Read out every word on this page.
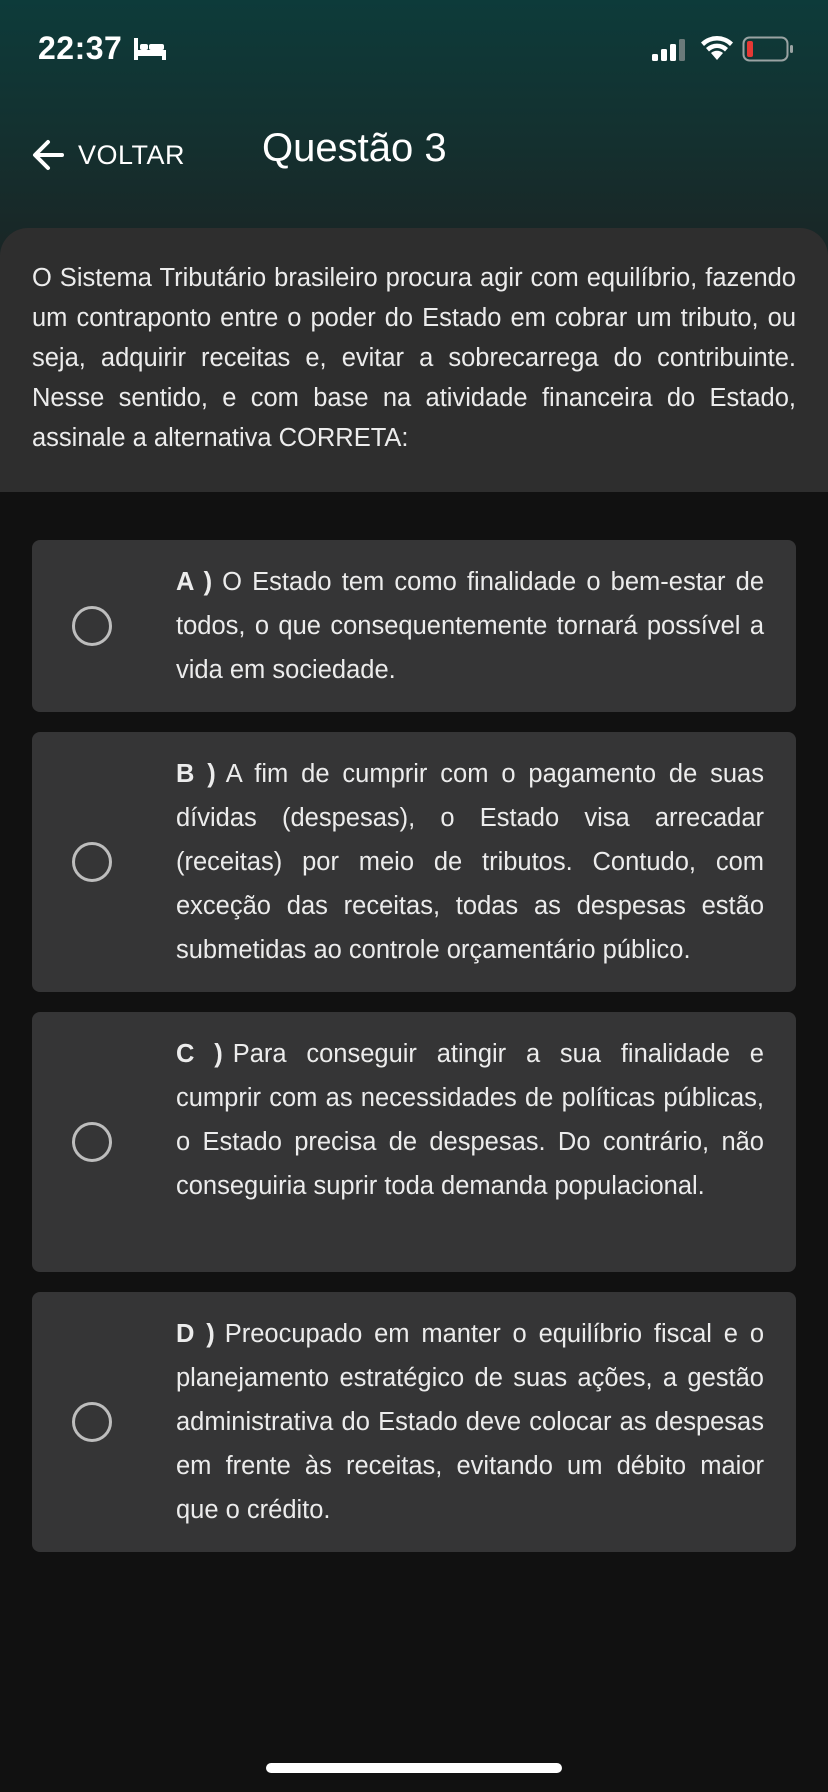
22:37
VOLTAR Questão 3

O Sistema Tributário brasileiro procura agir com equilíbrio, fazendo um contraponto entre o poder do Estado em cobrar um tributo, ou seja, adquirir receitas e, evitar a sobrecarrega do contribuinte. Nesse sentido, e com base na atividade financeira do Estado, assinale a alternativa CORRETA:

A ) O Estado tem como finalidade o bem-estar de todos, o que consequentemente tornará possível a vida em sociedade.

B ) A fim de cumprir com o pagamento de suas dívidas (despesas), o Estado visa arrecadar (receitas) por meio de tributos. Contudo, com exceção das receitas, todas as despesas estão submetidas ao controle orçamentário público.

C ) Para conseguir atingir a sua finalidade e cumprir com as necessidades de políticas públicas, o Estado precisa de despesas. Do contrário, não conseguiria suprir toda demanda populacional.

D ) Preocupado em manter o equilíbrio fiscal e o planejamento estratégico de suas ações, a gestão administrativa do Estado deve colocar as despesas em frente às receitas, evitando um débito maior que o crédito.
